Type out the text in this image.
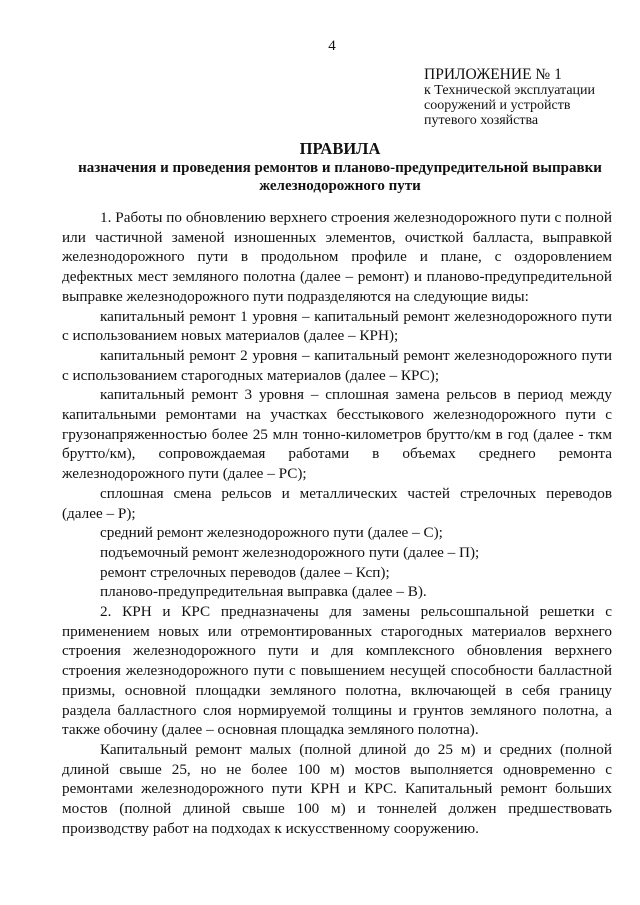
4
ПРИЛОЖЕНИЕ № 1
к Технической эксплуатации
сооружений и устройств
путевого хозяйства
ПРАВИЛА
назначения и проведения ремонтов и планово-предупредительной выправки
железнодорожного пути

1. Работы по обновлению верхнего строения железнодорожного пути с полной или частичной заменой изношенных элементов, очисткой балласта, выправкой железнодорожного пути в продольном профиле и плане, с оздоровлением дефектных мест земляного полотна (далее – ремонт) и планово-предупредительной выправке железнодорожного пути подразделяются на следующие виды:

капитальный ремонт 1 уровня – капитальный ремонт железнодорожного пути с использованием новых материалов (далее – КРН);

капитальный ремонт 2 уровня – капитальный ремонт железнодорожного пути с использованием старогодных материалов (далее – КРС);

капитальный ремонт 3 уровня – сплошная замена рельсов в период между капитальными ремонтами на участках бесстыкового железнодорожного пути с грузонапряженностью более 25 млн тонно-километров брутто/км в год (далее - ткм брутто/км), сопровождаемая работами в объемах среднего ремонта железнодорожного пути (далее – РС);

сплошная смена рельсов и металлических частей стрелочных переводов (далее – Р);

средний ремонт железнодорожного пути (далее – С);

подъемочный ремонт железнодорожного пути (далее – П);

ремонт стрелочных переводов (далее – Ксп);

планово-предупредительная выправка (далее – В).

2. КРН и КРС предназначены для замены рельсошпальной решетки с применением новых или отремонтированных старогодных материалов верхнего строения железнодорожного пути и для комплексного обновления верхнего строения железнодорожного пути с повышением несущей способности балластной призмы, основной площадки земляного полотна, включающей в себя границу раздела балластного слоя нормируемой толщины и грунтов земляного полотна, а также обочину (далее – основная площадка земляного полотна).

Капитальный ремонт малых (полной длиной до 25 м) и средних (полной длиной свыше 25, но не более 100 м) мостов выполняется одновременно с ремонтами железнодорожного пути КРН и КРС. Капитальный ремонт больших мостов (полной длиной свыше 100 м) и тоннелей должен предшествовать производству работ на подходах к искусственному сооружению.
